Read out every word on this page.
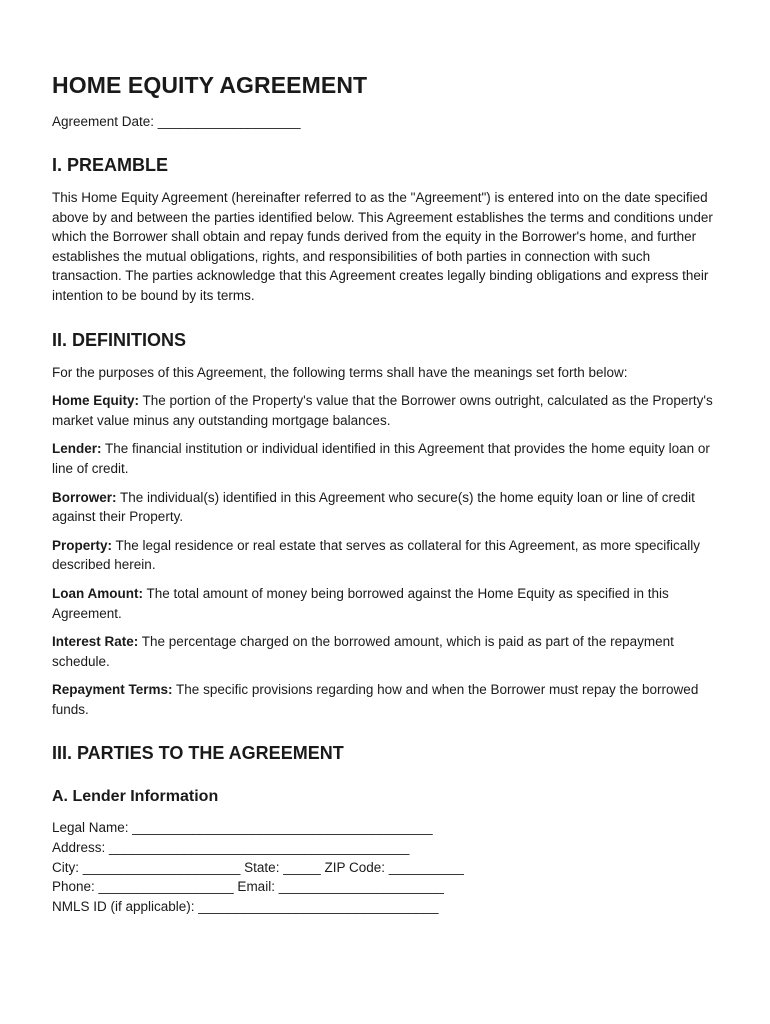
HOME EQUITY AGREEMENT
Agreement Date: ___________________
I. PREAMBLE

This Home Equity Agreement (hereinafter referred to as the "Agreement") is entered into on the date specified above by and between the parties identified below. This Agreement establishes the terms and conditions under which the Borrower shall obtain and repay funds derived from the equity in the Borrower's home, and further establishes the mutual obligations, rights, and responsibilities of both parties in connection with such transaction. The parties acknowledge that this Agreement creates legally binding obligations and express their intention to be bound by its terms.

II. DEFINITIONS

For the purposes of this Agreement, the following terms shall have the meanings set forth below:

Home Equity: The portion of the Property's value that the Borrower owns outright, calculated as the Property's market value minus any outstanding mortgage balances.

Lender: The financial institution or individual identified in this Agreement that provides the home equity loan or line of credit.

Borrower: The individual(s) identified in this Agreement who secure(s) the home equity loan or line of credit against their Property.

Property: The legal residence or real estate that serves as collateral for this Agreement, as more specifically described herein.

Loan Amount: The total amount of money being borrowed against the Home Equity as specified in this Agreement.

Interest Rate: The percentage charged on the borrowed amount, which is paid as part of the repayment schedule.

Repayment Terms: The specific provisions regarding how and when the Borrower must repay the borrowed funds.

III. PARTIES TO THE AGREEMENT
A. Lender Information
Legal Name: ________________________________________
Address: ________________________________________
City: _____________________ State: _____ ZIP Code: __________
Phone: __________________ Email: ______________________
NMLS ID (if applicable): ________________________________
